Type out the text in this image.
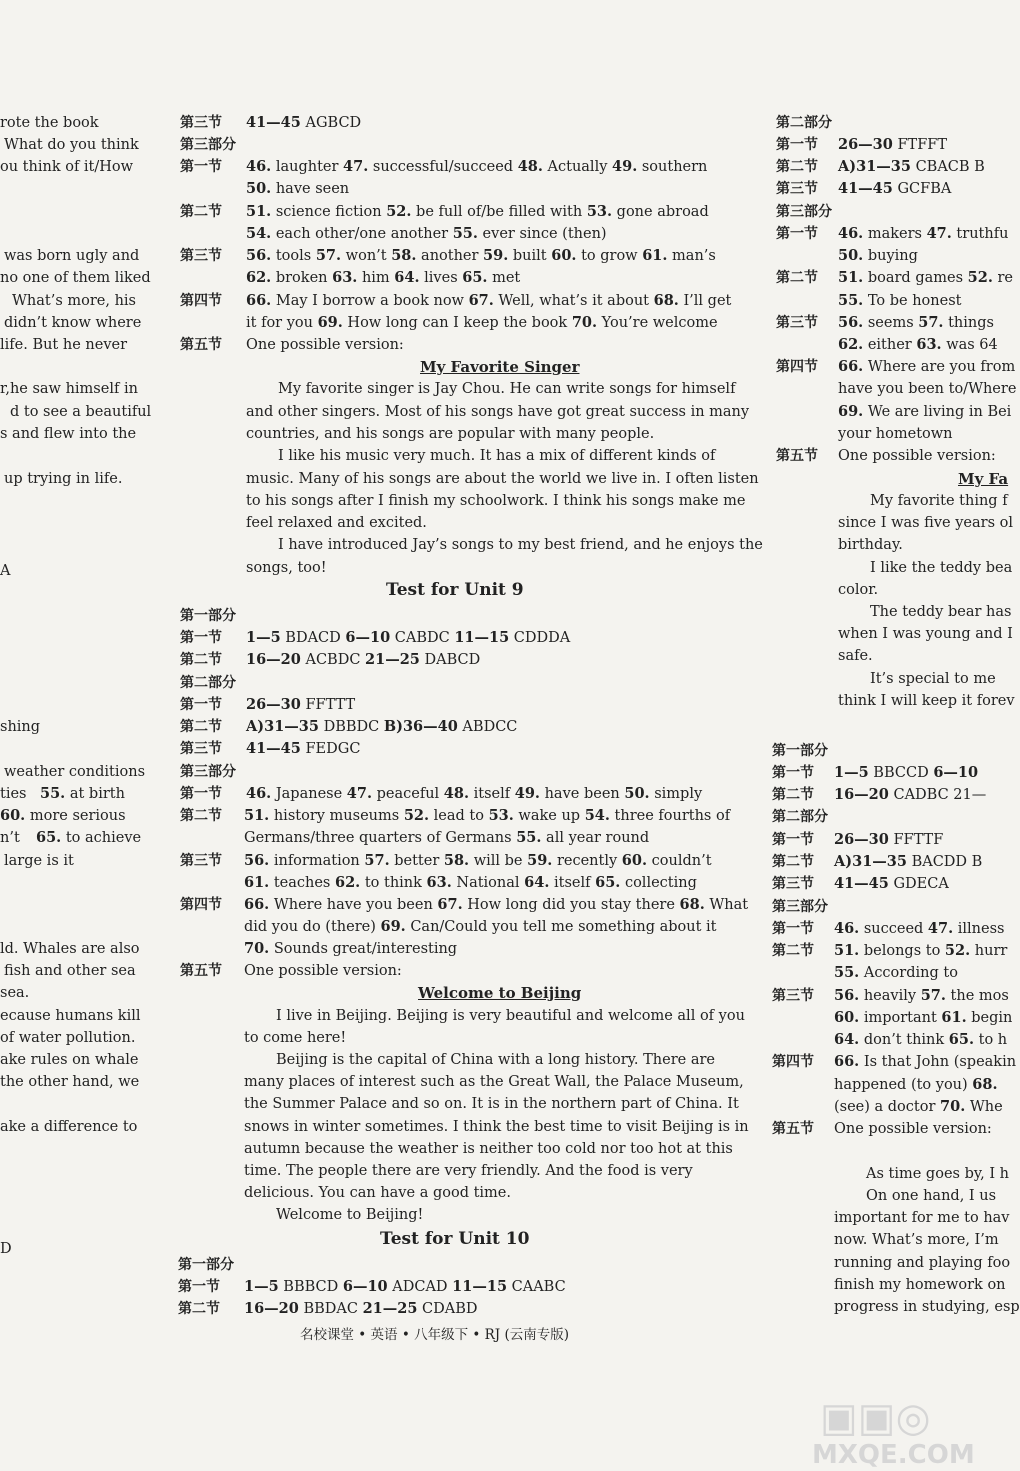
rote the book
What do you think
ou think of it/How
was born ugly and
no one of them liked
What’s more, his
didn’t know where
life. But he never
r,he saw himself in
d to see a beautiful
s and flew into the
up trying in life.
A
shing
weather conditions
ties 55. at birth
60. more serious
n’t 65. to achieve
large is it
ld. Whales are also
fish and other sea
sea.
ecause humans kill
of water pollution.
ake rules on whale
the other hand, we
ake a difference to
D
第三节 41—45 AGBCD
第三部分
第一节 46. laughter 47. successful/succeed 48. Actually 49. southern
50. have seen
第二节 51. science fiction 52. be full of/be filled with 53. gone abroad
54. each other/one another 55. ever since (then)
第三节 56. tools 57. won’t 58. another 59. built 60. to grow 61. man’s
62. broken 63. him 64. lives 65. met
第四节 66. May I borrow a book now 67. Well, what’s it about 68. I’ll get
it for you 69. How long can I keep the book 70. You’re welcome
第五节 One possible version:
My Favorite Singer
My favorite singer is Jay Chou. He can write songs for himself
and other singers. Most of his songs have got great success in many
countries, and his songs are popular with many people.
I like his music very much. It has a mix of different kinds of
music. Many of his songs are about the world we live in. I often listen
to his songs after I finish my schoolwork. I think his songs make me
feel relaxed and excited.
I have introduced Jay’s songs to my best friend, and he enjoys the
songs, too!
Test for Unit 9
第一部分
第一节 1—5 BDACD 6—10 CABDC 11—15 CDDDA
第二节 16—20 ACBDC 21—25 DABCD
第二部分
第一节 26—30 FFTTT
第二节 A)31—35 DBBDC B)36—40 ABDCC
第三节 41—45 FEDGC
第三部分
第一节 46. Japanese 47. peaceful 48. itself 49. have been 50. simply
第二节 51. history museums 52. lead to 53. wake up 54. three fourths of
Germans/three quarters of Germans 55. all year round
第三节 56. information 57. better 58. will be 59. recently 60. couldn’t
61. teaches 62. to think 63. National 64. itself 65. collecting
第四节 66. Where have you been 67. How long did you stay there 68. What
did you do (there) 69. Can/Could you tell me something about it
70. Sounds great/interesting
第五节 One possible version:
Welcome to Beijing
I live in Beijing. Beijing is very beautiful and welcome all of you
to come here!
Beijing is the capital of China with a long history. There are
many places of interest such as the Great Wall, the Palace Museum,
the Summer Palace and so on. It is in the northern part of China. It
snows in winter sometimes. I think the best time to visit Beijing is in
autumn because the weather is neither too cold nor too hot at this
time. The people there are very friendly. And the food is very
delicious. You can have a good time.
Welcome to Beijing!
Test for Unit 10
第一部分
第一节 1—5 BBBCD 6—10 ADCAD 11—15 CAABC
第二节 16—20 BBDAC 21—25 CDABD
名校课堂 • 英语 • 八年级下 • RJ (云南专版)
第二部分
第一节 26—30 FTFFT
第二节 A)31—35 CBACB B
第三节 41—45 GCFBA
第三部分
第一节 46. makers 47. truthfu
50. buying
第二节 51. board games 52. re
55. To be honest
第三节 56. seems 57. things
62. either 63. was 64
第四节 66. Where are you from
have you been to/Where
69. We are living in Bei
your hometown
第五节 One possible version:
My Fa
My favorite thing f
since I was five years ol
birthday.
I like the teddy bea
color.
The teddy bear has
when I was young and I
safe.
It’s special to me
think I will keep it forev
第一部分
第一节 1—5 BBCCD 6—10
第二节 16—20 CADBC 21—
第二部分
第一节 26—30 FFTTF
第二节 A)31—35 BACDD B
第三节 41—45 GDECA
第三部分
第一节 46. succeed 47. illness
第二节 51. belongs to 52. hurr
55. According to
第三节 56. heavily 57. the mos
60. important 61. begin
64. don’t think 65. to h
第四节 66. Is that John (speakin
happened (to you) 68.
(see) a doctor 70. Whe
第五节 One possible version:
As time goes by, I h
On one hand, I us
important for me to hav
now. What’s more, I’m
running and playing foo
finish my homework on
progress in studying, esp
▣▣◎
MXQE.COM
